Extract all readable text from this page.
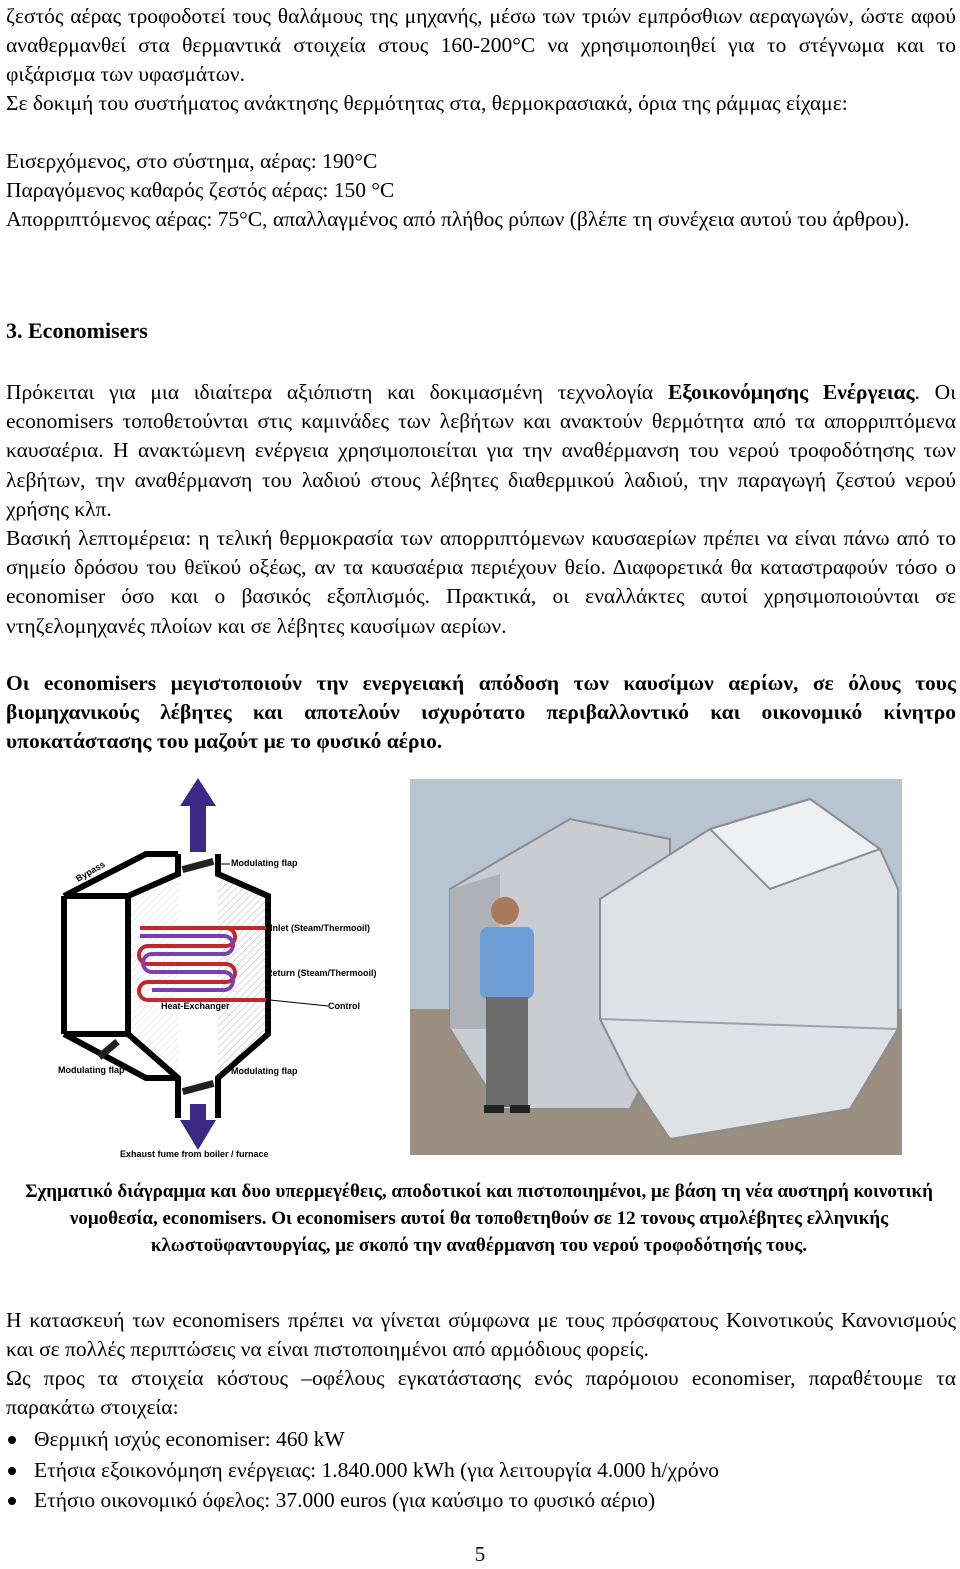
ζεστός αέρας τροφοδοτεί τους θαλάμους της μηχανής, μέσω των τριών εμπρόσθιων αεραγωγών, ώστε αφού αναθερμανθεί στα θερμαντικά στοιχεία στους 160-200°C να χρησιμοποιηθεί για το στέγνωμα και το φιξάρισμα των υφασμάτων.

Σε δοκιμή του συστήματος ανάκτησης θερμότητας στα, θερμοκρασιακά, όρια της ράμμας είχαμε:

Εισερχόμενος, στο σύστημα, αέρας: 190°C

Παραγόμενος καθαρός ζεστός αέρας: 150 °C

Απορριπτόμενος αέρας: 75°C, απαλλαγμένος από πλήθος ρύπων (βλέπε τη συνέχεια αυτού του άρθρου).

3. Economisers

Πρόκειται για μια ιδιαίτερα αξιόπιστη και δοκιμασμένη τεχνολογία Εξοικονόμησης Ενέργειας. Οι economisers τοποθετούνται στις καμινάδες των λεβήτων και ανακτούν θερμότητα από τα απορριπτόμενα καυσαέρια. Η ανακτώμενη ενέργεια χρησιμοποιείται για την αναθέρμανση του νερού τροφοδότησης των λεβήτων, την αναθέρμανση του λαδιού στους λέβητες διαθερμικού λαδιού, την παραγωγή ζεστού νερού χρήσης κλπ.

Βασική λεπτομέρεια: η τελική θερμοκρασία των απορριπτόμενων καυσαερίων πρέπει να είναι πάνω από το σημείο δρόσου του θεϊκού οξέως, αν τα καυσαέρια περιέχουν θείο. Διαφορετικά θα καταστραφούν τόσο ο economiser όσο και ο βασικός εξοπλισμός. Πρακτικά, οι εναλλάκτες αυτοί χρησιμοποιούνται σε ντηζελομηχανές πλοίων και σε λέβητες καυσίμων αερίων.

Οι economisers μεγιστοποιούν την ενεργειακή απόδοση των καυσίμων αερίων, σε όλους τους βιομηχανικούς λέβητες και αποτελούν ισχυρότατο περιβαλλοντικό και οικονομικό κίνητρο υποκατάστασης του μαζούτ με το φυσικό αέριο.

Modulating flap
Bypass
Inlet (Steam/Thermooil)
Return (Steam/Thermooil)
Heat-Exchanger	Control
Modulating flap	Modulating flap
Exhaust fume from boiler / furnace

Σχηματικό διάγραμμα και δυο υπερμεγέθεις, αποδοτικοί και πιστοποιημένοι, με βάση τη νέα αυστηρή κοινοτική νομοθεσία, economisers. Οι economisers αυτοί θα τοποθετηθούν σε 12 τονους ατμολέβητες ελληνικής κλωστοϋφαντουργίας, με σκοπό την αναθέρμανση του νερού τροφοδότησής τους.

Η κατασκευή των economisers πρέπει να γίνεται σύμφωνα με τους πρόσφατους Κοινοτικούς Κανονισμούς και σε πολλές περιπτώσεις να είναι πιστοποιημένοι από αρμόδιους φορείς.

Ως προς τα στοιχεία κόστους –οφέλους εγκατάστασης ενός παρόμοιου economiser, παραθέτουμε τα παρακάτω στοιχεία:

Θερμική ισχύς economiser: 460 kW
Ετήσια εξοικονόμηση ενέργειας: 1.840.000 kWh (για λειτουργία 4.000 h/χρόνο
Ετήσιο οικονομικό όφελος: 37.000 euros (για καύσιμο το φυσικό αέριο)
5
